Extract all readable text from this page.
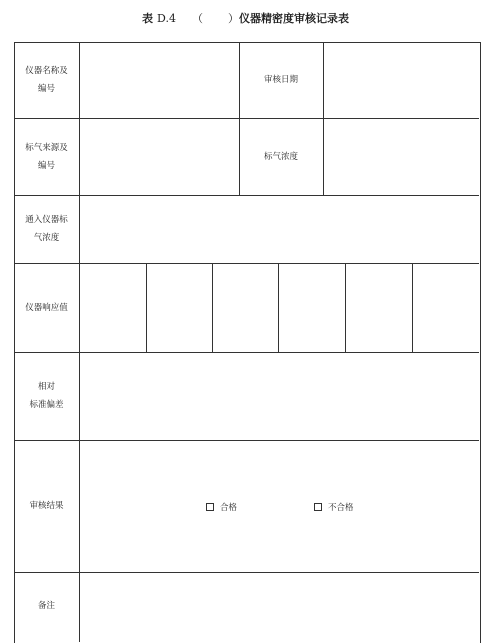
表 D.4 （ ）仪器精密度审核记录表
仪器名称及
编号
审核日期
标气来源及
编号
标气浓度
通入仪器标
气浓度
仪器响应值
相对
标准偏差
审核结果	合格	不合格
备注
